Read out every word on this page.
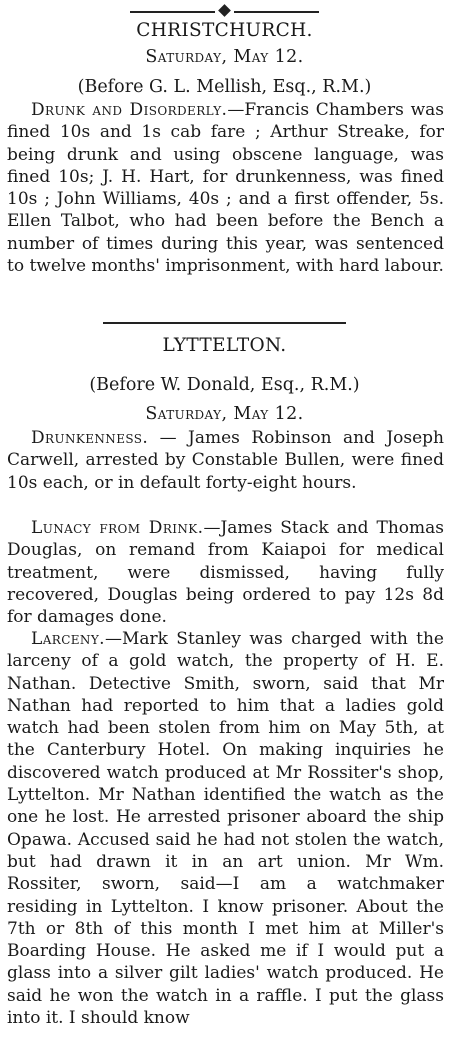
CHRISTCHURCH.
Saturday, May 12.
(Before G. L. Mellish, Esq., R.M.)

Drunk and Disorderly.—Francis Chambers was fined 10s and 1s cab fare ; Arthur Streake, for being drunk and using obscene language, was fined 10s; J. H. Hart, for drunkenness, was fined 10s ; John Williams, 40s ; and a first offender, 5s. Ellen Talbot, who had been before the Bench a number of times during this year, was sentenced to twelve months' imprisonment, with hard labour.

LYTTELTON.
(Before W. Donald, Esq., R.M.)
Saturday, May 12.

Drunkenness. — James Robinson and Joseph Carwell, arrested by Constable Bullen, were fined 10s each, or in default forty-eight hours.

Lunacy from Drink.—James Stack and Thomas Douglas, on remand from Kaiapoi for medical treatment, were dismissed, having fully recovered, Douglas being ordered to pay 12s 8d for damages done.

Larceny.—Mark Stanley was charged with the larceny of a gold watch, the property of H. E. Nathan. Detective Smith, sworn, said that Mr Nathan had reported to him that a ladies gold watch had been stolen from him on May 5th, at the Canterbury Hotel. On making inquiries he discovered watch produced at Mr Rossiter's shop, Lyttelton. Mr Nathan identified the watch as the one he lost. He arrested prisoner aboard the ship Opawa. Accused said he had not stolen the watch, but had drawn it in an art union. Mr Wm. Rossiter, sworn, said—I am a watchmaker residing in Lyttelton. I know prisoner. About the 7th or 8th of this month I met him at Miller's Boarding House. He asked me if I would put a glass into a silver gilt ladies' watch produced. He said he won the watch in a raffle. I put the glass into it. I should know
